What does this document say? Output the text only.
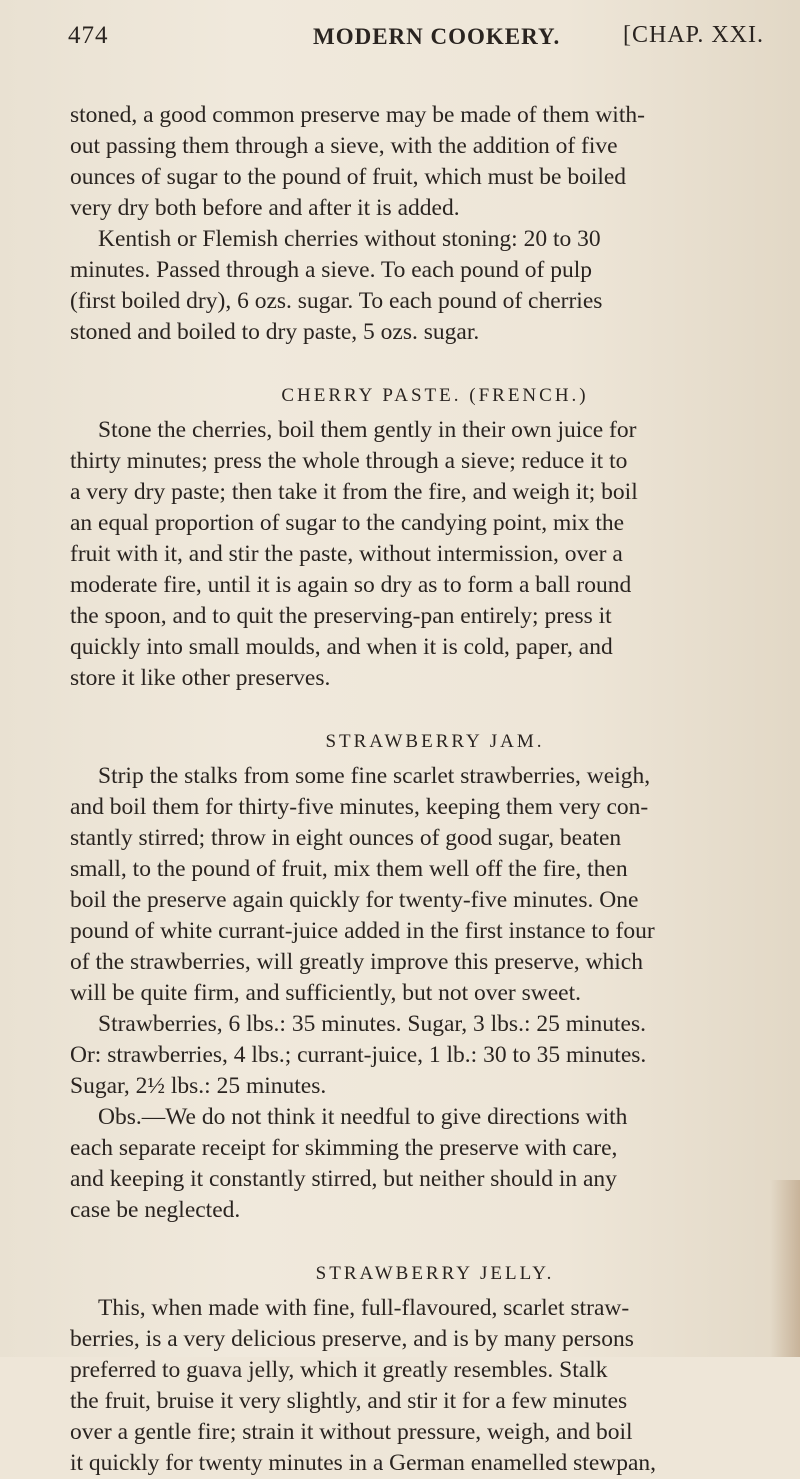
474	MODERN COOKERY.	[CHAP. XXI.

stoned, a good common preserve may be made of them with-
out passing them through a sieve, with the addition of five
ounces of sugar to the pound of fruit, which must be boiled
very dry both before and after it is added.

Kentish or Flemish cherries without stoning: 20 to 30
minutes. Passed through a sieve. To each pound of pulp
(first boiled dry), 6 ozs. sugar. To each pound of cherries
stoned and boiled to dry paste, 5 ozs. sugar.

CHERRY PASTE. (FRENCH.)

Stone the cherries, boil them gently in their own juice for
thirty minutes; press the whole through a sieve; reduce it to
a very dry paste; then take it from the fire, and weigh it; boil
an equal proportion of sugar to the candying point, mix the
fruit with it, and stir the paste, without intermission, over a
moderate fire, until it is again so dry as to form a ball round
the spoon, and to quit the preserving-pan entirely; press it
quickly into small moulds, and when it is cold, paper, and
store it like other preserves.

STRAWBERRY JAM.

Strip the stalks from some fine scarlet strawberries, weigh,
and boil them for thirty-five minutes, keeping them very con-
stantly stirred; throw in eight ounces of good sugar, beaten
small, to the pound of fruit, mix them well off the fire, then
boil the preserve again quickly for twenty-five minutes. One
pound of white currant-juice added in the first instance to four
of the strawberries, will greatly improve this preserve, which
will be quite firm, and sufficiently, but not over sweet.

Strawberries, 6 lbs.: 35 minutes. Sugar, 3 lbs.: 25 minutes.
Or: strawberries, 4 lbs.; currant-juice, 1 lb.: 30 to 35 minutes.
Sugar, 2½ lbs.: 25 minutes.

Obs.—We do not think it needful to give directions with
each separate receipt for skimming the preserve with care,
and keeping it constantly stirred, but neither should in any
case be neglected.

STRAWBERRY JELLY.

This, when made with fine, full-flavoured, scarlet straw-
berries, is a very delicious preserve, and is by many persons
preferred to guava jelly, which it greatly resembles. Stalk
the fruit, bruise it very slightly, and stir it for a few minutes
over a gentle fire; strain it without pressure, weigh, and boil
it quickly for twenty minutes in a German enamelled stewpan,
